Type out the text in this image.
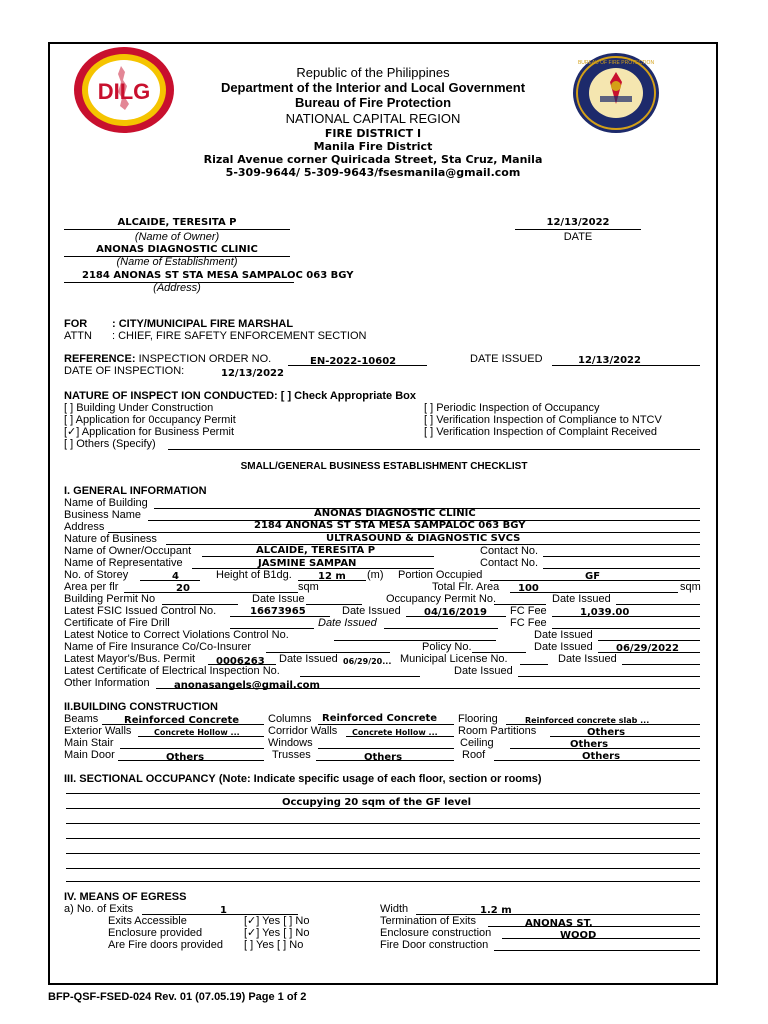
DILG
BUREAU OF FIRE PROTECTION
Republic of the Philippines
Department of the Interior and Local Government
Bureau of Fire Protection
NATIONAL CAPITAL REGION
FIRE DISTRICT I
Manila Fire District
Rizal Avenue corner Quiricada Street, Sta Cruz, Manila
5-309-9644/ 5-309-9643/fsesmanila@gmail.com
ALCAIDE, TERESITA P
(Name of Owner)
12/13/2022
DATE
ANONAS DIAGNOSTIC CLINIC
(Name of Establishment)
2184 ANONAS ST STA MESA SAMPALOC 063 BGY
(Address)
FOR : CITY/MUNICIPAL FIRE MARSHAL
ATTN : CHIEF, FIRE SAFETY ENFORCEMENT SECTION
REFERENCE: INSPECTION ORDER NO.	EN-2022-10602	DATE ISSUED	12/13/2022
DATE OF INSPECTION:	12/13/2022
NATURE OF INSPECT ION CONDUCTED: [ ] Check Appropriate Box
[ ] Building Under Construction
[ ] Application for 0ccupancy Permit
[✓] Application for Business Permit
[ ] Others (Specify)
[ ] Periodic Inspection of Occupancy
[ ] Verification Inspection of Compliance to NTCV
[ ] Verification Inspection of Complaint Received
SMALL/GENERAL BUSINESS ESTABLISHMENT CHECKLIST
I. GENERAL INFORMATION
Name of Building
Business Name	ANONAS DIAGNOSTIC CLINIC
Address	2184 ANONAS ST STA MESA SAMPALOC 063 BGY
Nature of Business	ULTRASOUND & DIAGNOSTIC SVCS
Name of Owner/Occupant	ALCAIDE, TERESITA P	Contact No.
Name of Representative	JASMINE SAMPAN	Contact No.
No. of Storey	4	Height of B1dg.	12 m (m) Portion Occupied	GF
Area per flr	20	sqm	Total Flr. Area 100	sqm
Building Permit No	Date Issue	Occupancy Permit No.	Date Issued
Latest FSIC Issued Control No.	16673965	Date Issued 04/16/2019 FC Fee	1,039.00
Certificate of Fire Drill	Date Issued	FC Fee
Latest Notice to Correct Violations Control No.	Date Issued
Name of Fire Insurance Co/Co-Insurer	Policy No.	Date Issued 06/29/2022
Latest Mayor's/Bus. Permit 0006263 Date Issued 06/29/20... Municipal License No.	Date Issued
Latest Certificate of Electrical Inspection No.	Date Issued
Other Information anonasangels@gmail.com
II.BUILDING CONSTRUCTION
Beams	Reinforced Concrete	Columns Reinforced Concrete Flooring	Reinforced concrete slab ...
Exterior Walls	Concrete Hollow ...	Corridor Walls Concrete Hollow ... Room Partitions	Others
Main Stair	Windows	Ceiling	Others
Main Door	Others	Trusses	Others	Roof	Others
III. SECTIONAL OCCUPANCY (Note: Indicate specific usage of each floor, section or rooms)
Occupying 20 sqm of the GF level
IV. MEANS OF EGRESS
a) No. of Exits	1	Width	1.2 m
Exits Accessible	[✓] Yes [ ] No	Termination of Exits	ANONAS ST.
Enclosure provided	[✓] Yes [ ] No	Enclosure construction	WOOD
Are Fire doors provided [ ] Yes [ ] No	Fire Door construction
BFP-QSF-FSED-024 Rev. 01 (07.05.19) Page 1 of 2
